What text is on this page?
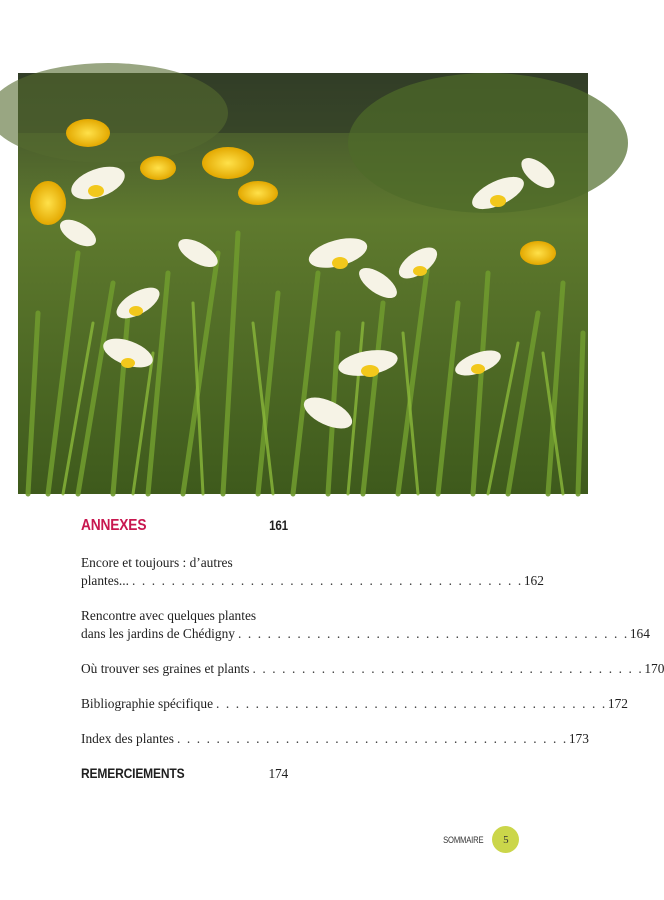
ANNEXES	161
Encore et toujours : d’autres
plantes... . . . . . . . . . . . . . . . . . . . . . . . . . . . . . . . . . . . . . . . . 162
Rencontre avec quelques plantes
dans les jardins de Chédigny . . . . . . . . . . . . . . . . . . . . . . . . . . . . . . . . . . . . . . . . 164
Où trouver ses graines et plants . . . . . . . . . . . . . . . . . . . . . . . . . . . . . . . . . . . . . . . . 170
Bibliographie spécifique . . . . . . . . . . . . . . . . . . . . . . . . . . . . . . . . . . . . . . . . 172
Index des plantes . . . . . . . . . . . . . . . . . . . . . . . . . . . . . . . . . . . . . . . . 173
REMERCIEMENTS	174
SOMMAIRE	5
